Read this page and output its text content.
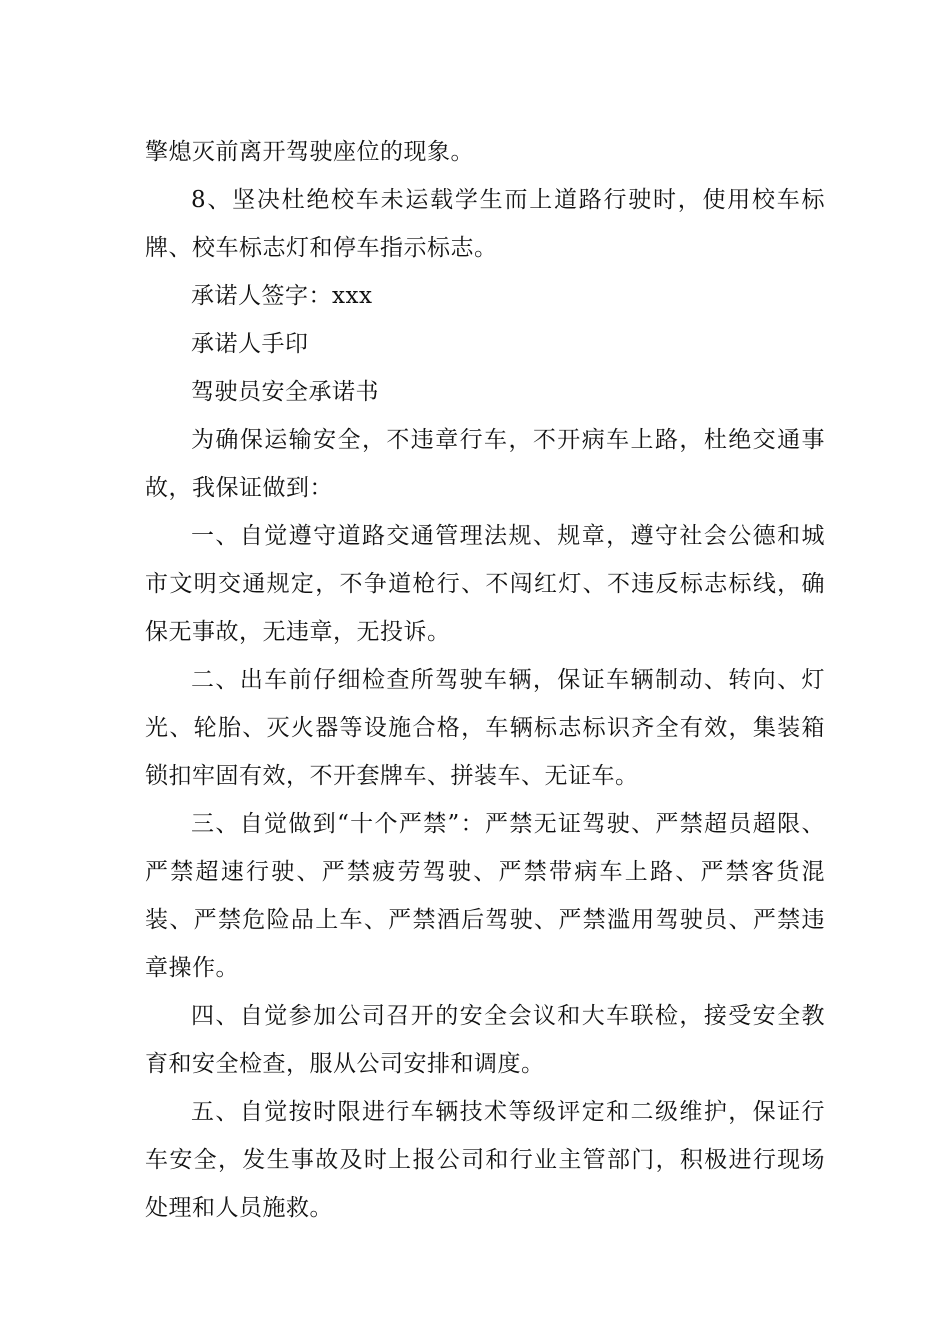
擎熄灭前离开驾驶座位的现象。

8、坚决杜绝校车未运载学生而上道路行驶时，使用校车标牌、校车标志灯和停车指示标志。

承诺人签字：xxx

承诺人手印

驾驶员安全承诺书

为确保运输安全，不违章行车，不开病车上路，杜绝交通事故，我保证做到：

一、自觉遵守道路交通管理法规、规章，遵守社会公德和城市文明交通规定，不争道枪行、不闯红灯、不违反标志标线，确保无事故，无违章，无投诉。

二、出车前仔细检查所驾驶车辆，保证车辆制动、转向、灯光、轮胎、灭火器等设施合格，车辆标志标识齐全有效，集装箱锁扣牢固有效，不开套牌车、拼装车、无证车。

三、自觉做到“十个严禁”：严禁无证驾驶、严禁超员超限、严禁超速行驶、严禁疲劳驾驶、严禁带病车上路、严禁客货混装、严禁危险品上车、严禁酒后驾驶、严禁滥用驾驶员、严禁违章操作。

四、自觉参加公司召开的安全会议和大车联检，接受安全教育和安全检查，服从公司安排和调度。

五、自觉按时限进行车辆技术等级评定和二级维护，保证行车安全，发生事故及时上报公司和行业主管部门，积极进行现场处理和人员施救。
